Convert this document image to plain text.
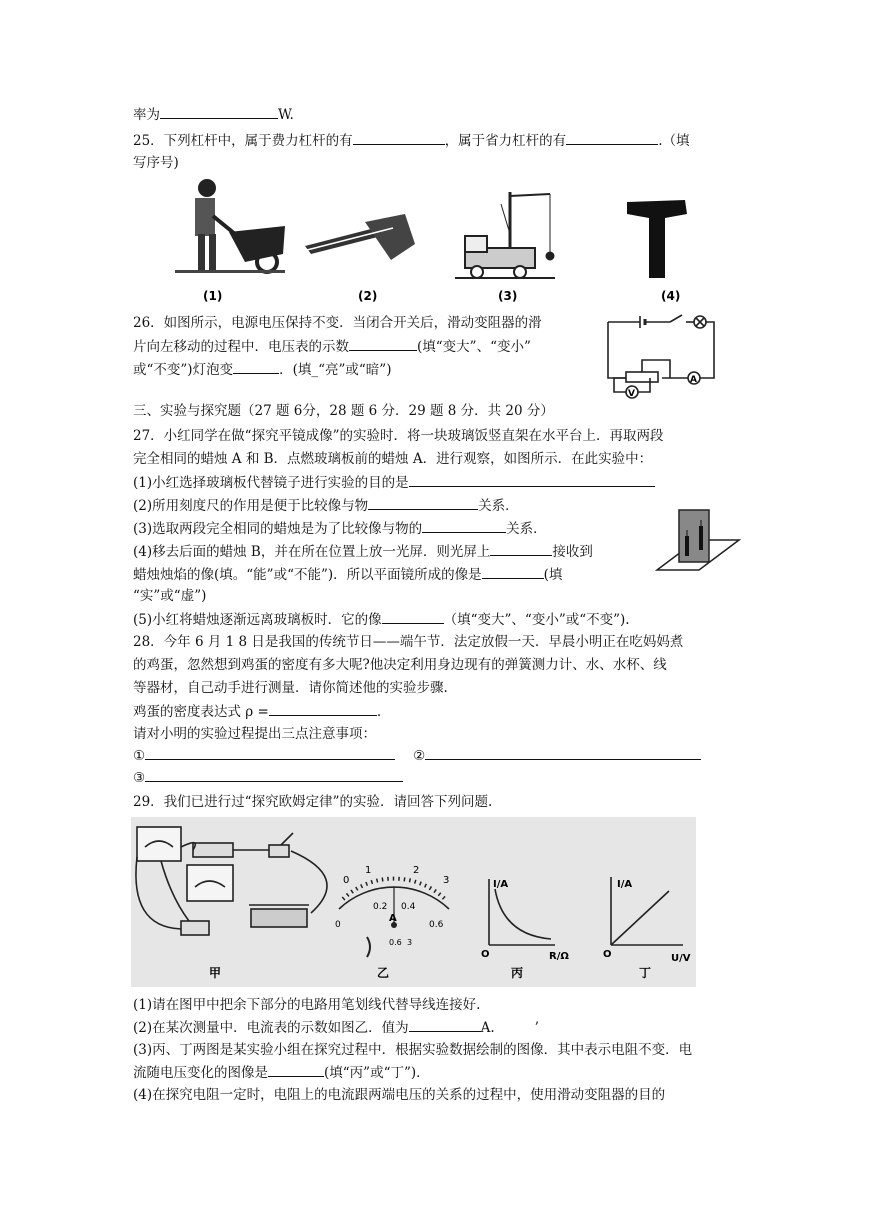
率为	W.
25．下列杠杆中，属于费力杠杆的有	，属于省力杠杆的有	.（填
写序号)
(1)	(2)	(3)	(4)
26．如图所示，电源电压保持不变．当闭合开关后，滑动变阻器的滑
片向左移动的过程中．电压表的示数	(填“变大”、“变小”
或“不变”)灯泡变	．(填_“亮”或“暗”)
A
V
三、实验与探究题（27 题 6分，28 题 6 分．29 题 8 分．共 20 分）
27．小红同学在做“探究平镜成像”的实验时．将一块玻璃饭竖直架在水平台上．再取两段
完全相同的蜡烛 A 和 B．点燃玻璃板前的蜡烛 A．进行观察，如图所示．在此实验中：
(1)小红选择玻璃板代替镜子进行实验的目的是
(2)所用刻度尺的作用是便于比较像与物	关系．
(3)选取两段完全相同的蜡烛是为了比较像与物的	关系．
(4)移去后面的蜡烛 B，并在所在位置上放一光屏．则光屏上	接收到
蜡烛烛焰的像(填。“能”或“不能”)．所以平面镜所成的像是	(填
“实”或“虚”)
(5)小红将蜡烛逐渐远离玻璃板时．它的像	（填“变大”、“变小”或“不变”).
28．今年 6 月 1 8 日是我国的传统节日——端午节．法定放假一天．早晨小明正在吃妈妈煮
的鸡蛋，忽然想到鸡蛋的密度有多大呢?他决定利用身边现有的弹簧测力计、水、水杯、线
等器材，自己动手进行测量．请你简述他的实验步骤.
鸡蛋的密度表达式 ρ =	.
请对小明的实验过程提出三点注意事项：
①	②
③
29．我们已进行过“探究欧姆定律”的实验．请回答下列问题.
0
1	2
3
0.2 0.4
0	0.6
A
0.6 3
I/A
R/Ω
O
I/A
U/V
O
甲	乙	丙	丁
(1)请在图甲中把余下部分的电路用笔划线代替导线连接好.
(2)在某次测量中．电流表的示数如图乙．值为	A.	’
(3)丙、丁两图是某实验小组在探究过程中．根据实验数据绘制的图像．其中表示电阻不变．电
流随电压变化的图像是	(填“丙”或“丁”)．
(4)在探究电阻一定时，电阻上的电流跟两端电压的关系的过程中，使用滑动变阻器的目的
